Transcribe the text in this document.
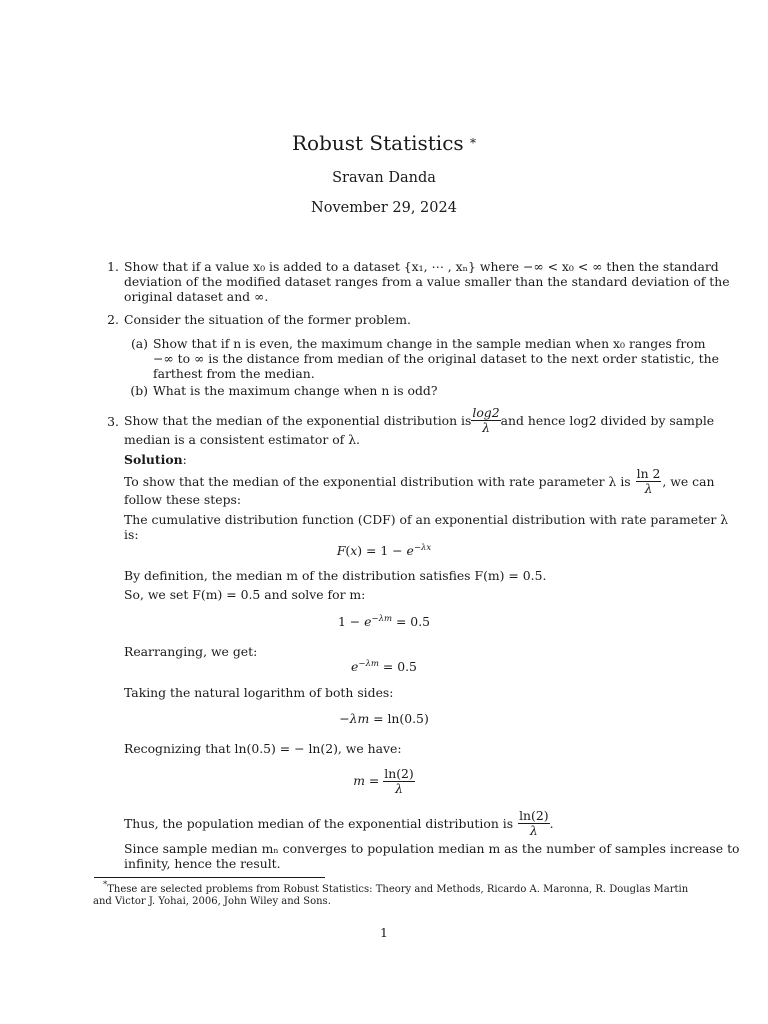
Robust Statistics *
Sravan Danda
November 29, 2024
1. Show that if a value x₀ is added to a dataset {x₁, ⋯ , xₙ} where −∞ < x₀ < ∞ then the standard
deviation of the modified dataset ranges from a value smaller than the standard deviation of the
original dataset and ∞.
2. Consider the situation of the former problem.
(a) Show that if n is even, the maximum change in the sample median when x₀ ranges from
−∞ to ∞ is the distance from median of the original dataset to the next order statistic, the
farthest from the median.
(b) What is the maximum change when n is odd?
3. Show that the median of the exponential distribution is $\frac{\log 2}{\lambda}$ and hence log2 divided by sample
median is a consistent estimator of λ.
Solution:
To show that the median of the exponential distribution with rate parameter λ is $\frac{\ln 2}{\lambda}$ , we can
follow these steps:
The cumulative distribution function (CDF) of an exponential distribution with rate parameter λ
is:
$F(x) = 1 - e^{-\lambda x}$
By definition, the median m of the distribution satisfies F(m) = 0.5.
So, we set F(m) = 0.5 and solve for m:
$1 - e^{-\lambda m} = 0.5$
Rearranging, we get:
$e^{-\lambda m} = 0.5$
Taking the natural logarithm of both sides:
−λm = ln(0.5)
Recognizing that ln(0.5) = − ln(2), we have:
$m = \frac{\ln(2)}{\lambda}$
Thus, the population median of the exponential distribution is $\frac{\ln(2)}{\lambda}$ .
Since sample median mₙ converges to population median m as the number of samples increase to
infinity, hence the result.
*These are selected problems from Robust Statistics: Theory and Methods, Ricardo A. Maronna, R. Douglas Martin
and Victor J. Yohai, 2006, John Wiley and Sons.
1
